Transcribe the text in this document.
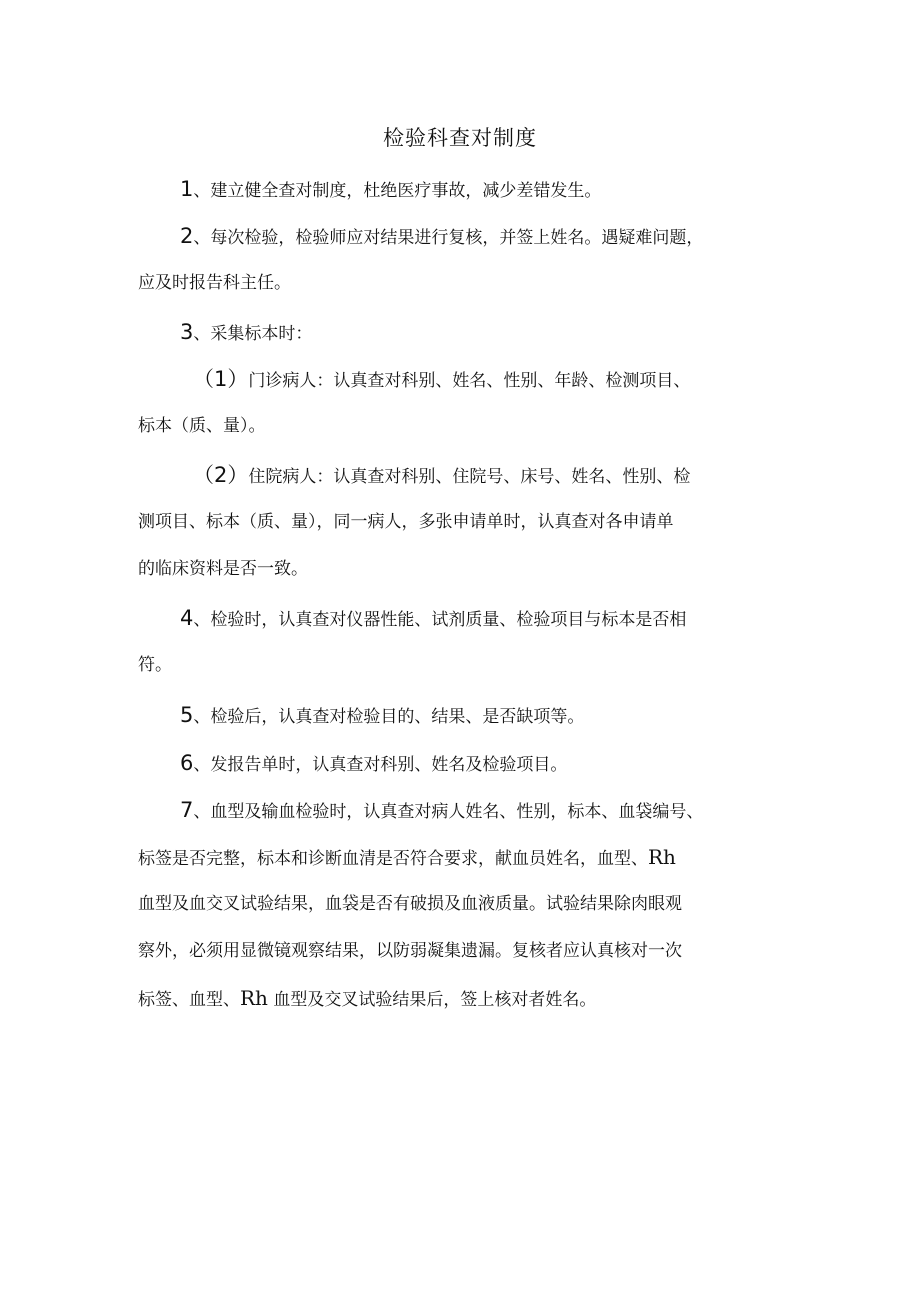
检验科查对制度
1、建立健全查对制度，杜绝医疗事故，减少差错发生。
2、每次检验，检验师应对结果进行复核，并签上姓名。遇疑难问题，
应及时报告科主任。
3、采集标本时：
（1）门诊病人：认真查对科别、姓名、性别、年龄、检测项目、
标本（质、量）。
（2）住院病人：认真查对科别、住院号、床号、姓名、性别、检
测项目、标本（质、量），同一病人，多张申请单时，认真查对各申请单
的临床资料是否一致。
4、检验时，认真查对仪器性能、试剂质量、检验项目与标本是否相
符。
5、检验后，认真查对检验目的、结果、是否缺项等。
6、发报告单时，认真查对科别、姓名及检验项目。
7、血型及输血检验时，认真查对病人姓名、性别，标本、血袋编号、
标签是否完整，标本和诊断血清是否符合要求，献血员姓名，血型、Rh
血型及血交叉试验结果，血袋是否有破损及血液质量。试验结果除肉眼观
察外，必须用显微镜观察结果，以防弱凝集遗漏。复核者应认真核对一次
标签、血型、Rh 血型及交叉试验结果后，签上核对者姓名。
